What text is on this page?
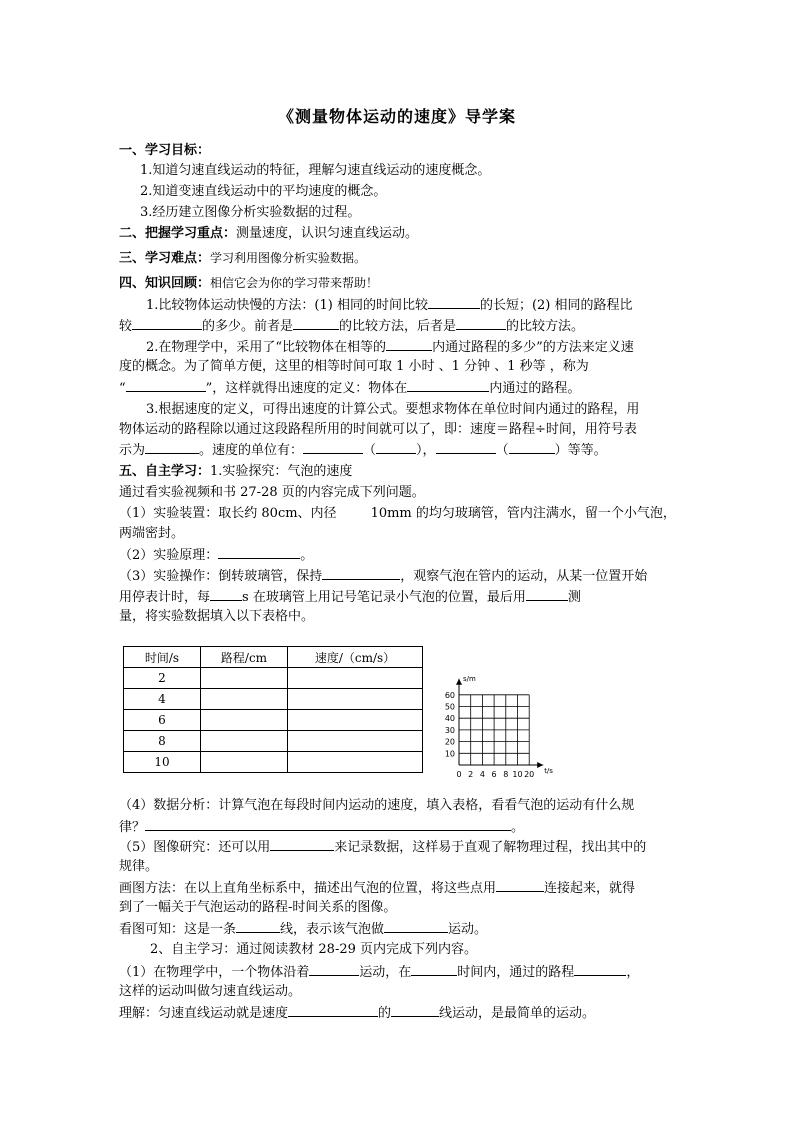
《测量物体运动的速度》导学案
一、学习目标：
1.知道匀速直线运动的特征，理解匀速直线运动的速度概念。
2.知道变速直线运动中的平均速度的概念。
3.经历建立图像分析实验数据的过程。
二、把握学习重点：测量速度，认识匀速直线运动。
三、学习难点：学习利用图像分析实验数据。
四、知识回顾：相信它会为你的学习带来帮助！
1.比较物体运动快慢的方法：(1) 相同的时间比较	的长短；(2) 相同的路程比
较	的多少。前者是	的比较方法，后者是	的比较方法。
2.在物理学中，采用了“比较物体在相等的	内通过路程的多少”的方法来定义速
度的概念。为了简单方便，这里的相等时间可取 1 小时 、1 分钟 、1 秒等 ，称为
“	”，这样就得出速度的定义：物体在	内通过的路程。
3.根据速度的定义，可得出速度的计算公式。要想求物体在单位时间内通过的路程，用
物体运动的路程除以通过这段路程所用的时间就可以了，即：速度＝路程÷时间，用符号表
示为	。速度的单位有：	（	），	（	）等等。
五、自主学习：1.实验探究：气泡的速度
通过看实验视频和书 27-28 页的内容完成下列问题。
（1）实验装置：取长约 80cm、内径	10mm 的均匀玻璃管，管内注满水，留一个小气泡，
两端密封。
（2）实验原理：	。
（3）实验操作：倒转玻璃管，保持	，观察气泡在管内的运动，从某一位置开始
用停表计时，每 s 在玻璃管上用记号笔记录小气泡的位置，最后用	测
量，将实验数据填入以下表格中。
时间/s	路程/cm	速度/（cm/s）
2		
4		
6		
8		
10		
0 2 4 6 8 10 20
10
20
30
40
50
60
s/m
t/s
（4）数据分析：计算气泡在每段时间内运动的速度，填入表格，看看气泡的运动有什么规
律？	。
（5）图像研究：还可以用	来记录数据，这样易于直观了解物理过程，找出其中的
规律。
画图方法：在以上直角坐标系中，描述出气泡的位置，将这些点用	连接起来，就得
到了一幅关于气泡运动的路程-时间关系的图像。
看图可知：这是一条	线，表示该气泡做	运动。
2、自主学习：通过阅读教材 28-29 页内完成下列内容。
（1）在物理学中，一个物体沿着	运动，在	时间内，通过的路程	，
这样的运动叫做匀速直线运动。
理解：匀速直线运动就是速度	的	线运动，是最简单的运动。
